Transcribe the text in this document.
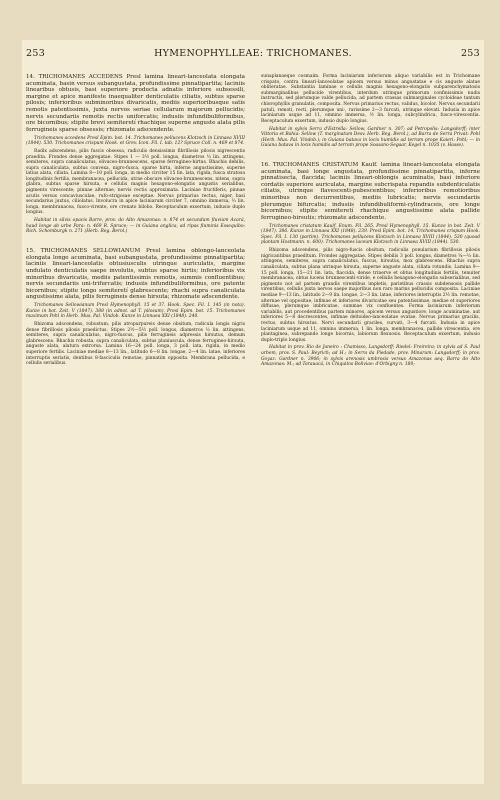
253	HYMENOPHYLLEAE: TRICHOMANES.	253

14. TRICHOMANES ACCEDENS Presl lamina lineari-lanceolata elongata acuminata, basin versus subangustata, profundissime pinnatipartita; laciniis linearibus obtusis, basi superiore producta adnatis inferiore subsessili, margine et apice manifeste inaequaliter denticulatis ciliatis, subtus sparse pilosis; inferioribus subminoribus divaricatis, mediis superioribusque satis remotis patentissimis, juxta nervos seriae cellularum majorum pellucidis; nervis secundariis remotis rectis uniforcatis; indusiis infundibuliformibus, ore bicornibus; stipite brevi semiteretí rhachique superne anguste alata pilis ferrugineis sparse obsessis; rhizomate adscendente.

Trichomanes accedens Presl Epim. bot. 14. Trichomanes pellucens Klotzsch in Linnaea XVIII (1844). 530. Trichomanes crispum Hook. et Grev. Icon. Fil. I. tab. 12? Spruce Coll. n. 469 et 874.

Radix adscendens, pilis fuscis obsessa, radiculis densissimis fibrillosis pilosis nigrescentis praedita. Frondes dense aggregatae. Stipes 1 — 3½ poll. longus, diametros ⅓ lin. attingens, semiteres, supra canaliculatus, olivaceo-brunnescens, sparse ferrugineo-hirtus. Rhachis debilis, supra canaliculata, subtus convexa, nigro-fusca, sparse hirta, inferne angustissime, superne latius alata, ciliata. Lamina 8—10 poll. longa, in medio circiter 15 lin. lata, rigida, fusca stratosa longitudinis fertilis, membranacea, pellucida, utrae obscure olivaceo-brunnescens, nitens, supra glabra, subtus sparse hirsuta, e cellulis magnis hexagono-elongatis angustis serialibus, pigmento virescente; pinnae alternae, nervis rectis approximata. Laciniae fructiferis, pinnae acutis versus concaviusculae, rufo-strigosae exceptae. Nervus primarius rectus, niger, basi secundarius juxtus, ciliolatus. Involucra in apice laciniarum circiter 7, omnino immersa, ⅓ lin. longa, membranacea, fusco-virente, ore crenato bilobo. Receptaculum exsertum, indusio duplo longius.

Habitat in silvis opacis Barre, prov. do Alto Amazonas: n. 874 et secundum fluvium Acará, haud longe ab urbe Para: n. 469 R. Spruce; — in Guiana anglica, ad ripas fluminis Essequibo: Rich. Schomburgk n. 271 (Herb. Reg. Berol.)

15. TRICHOMANES SELLOWIANUM Presl lamina oblongo-lanceolata elongata longe acuminata, basi subangustata, profundissime pinnatipartita; laciniis lineari-lanceolatis obtusiusculis utrinque auriculatis, margine undulato denticulatis saepe involutis, subtus sparse hirtis; inferioribus vix minoribus divaricatis, mediis patentissimis remotis, summis confluentibus; nervis secundariis uni-trifurcatis; indusiis infundibuliformibus, ore patente bicornibus; stipite longo semiteretí glabrescente; rhachi supra canaliculata angustissime alata, pilis ferrugineis dense hirsuta; rhizomate adscendente.

Trichomanes Sellowianum Presl Hymenophyll. 15 et 37. Hook. Spec. Fil. I. 145 (in nota). Kunze in bot. Zeit. V (1847). 388 (in adnot. ad T. pilosum). Presl Epim. bot. 15. Trichomanes maximum Pohl in Herb. Mus. Pal. Vindob. Kunze in Linnaea XXI (1848). 240.

Rhizoma adscendens, robustum, pilis atropurpureis dense obsitum, radicula longis nigris dense fibrillosis pilosis praedictus. Stipes 2½—5½ poll. longus, diametros ⅓ lin. attingens, semiteres, supra canaliculatus, nigro-fuscus, pilis ferrugineis adpressis hirsutus, demum glabrescens. Rhachis robusta, supra canaliculata, subtus planiuscula, dense ferrugineo-hirsuta, anguste alata, alatura extrorsa. Lamina 16—24 poll. longa, 3 poll. lata, rigida, in medio superiore fertilis. Laciniae mediae 8—13 lin., latitudo 6—8 lin. longae, 2—4 lin. latae, inferiores interruptis seriatis, dentibus 8-fasciculis remotae, pinnatim opposita. Membrana pellucida, e cellulis serialibus.

sunaplanaeque cosmaim. Forma laciniarum inferiorum aliquo variabilis est in Trichomane crispato, contra lineari-lanceolatae apicem versus minus angustatae e cis anguste alatae obliteratae. Substantia laminae e cellulis magnis hexagono-elongatis subparenchymatosis submarginalibus pellucide virentibus, interdum utrinque primorum confinissimis nudis instructis, sed plerumque valde pellucida, ad partem crassas submarginales cycloideae tantum chlorophyllis granulatis, composita. Nervus primarius rectus, validus, bicolor. Nervus secundarii patuli, remoti, recti, plerumque uni-, rarissime 2—3 furcati, utrinque elevati. Indusia in apice laciniarum usque ad 11, omnino immersa, ½ lin. longa, subcylindrica, fusco-virescentia. Receptaculum exsertum, indusio duplo longius.

Habitat in sylvis Serra d'Estrella: Sellow, Gardner n. 307; ad Petropolis: Langsdorff; inter Vittoria et Bahia: Sellow (T. marginatum Desv. Herb. Reg. Berol.), ad Barra de Serra Privat: Pohl (Herb. Mus. Pal. Vindob.); in Guiana batava in locis humidis ad terram prope Kaieri: Pohl; — in Guiana batava in locis humidis ad terram prope Soasano-Segaar, Kegel n. 1035 (v. Hasse).

16. TRICHOMANES CRISTATUM Kaulf. lamina lineari-lanceolata elongata acuminata, basi longe angustata, profundissime pinnatipartita, inferne pinnatisecta, flaccida; laciniis lineari-oblongis acuminatis, basi inferiore cordatis superiore auriculata, margine subcrispata repandis subdenticulatis ciliatis, utrinque flavescenti-pubescentibus; inferioribus remotioribus minoribus non decurrentibus, mediis lubricatis; nervis secundariis plerumque bifurcatis; indusiis infundibuliformi-cylindraceis, ore longe bicornibus; stipite semiteretí rhachique angustissime alata pallide ferrugineo-hirsutis; rhizomate adscendente.

Trichomanes cristatum Kaulf. Enum. Fil. 265. Presl Hymenophyll. 15. Kunze in bot. Zeit. V (1847). 386. Kunze in Linnaea XXI (1848). 239. Presl Epim. bot. 14. Trichomanes crispum Hook. Spec. Fil. I. 130 (partim). Trichomanes pellucens Klotzsch in Linnaea XVIII (1844). 530 (quoad plantam Hostmann. n. 600). Trichomanes laceum Klotzsch in Linnaea XVIII (1844). 530.

Rhizoma adscendens, pilis nigro-fuscis obsitum, radiculis ponularium fibrillosis pilosis nigricantibus praeditum. Frondes aggregatae. Stipes debilis 3 poll. longus, diametros ¼—⅓ lin. attingens, semiteres, supra canaliculatus, fuscus, hirsutus, mox glabrescens. Rhachis supra canaliculata, subtus plana utrinque hirsuta, superne anguste alata, ciliata rotundis. Lamina 9—15 poll. longa, 15—21 lin. lata, flaccida, dense trinerve et obtus longitudinis fertilis, tenuiter membranacea, obtus lucens brunnescenti-viride, e cellulis hexagono-elongatis subserialibus, sed pigmento not ad partem grandis virentibus impletis, parietibus crassis subdensosis pallide virentibus, cellulis juxta nervos saepe majoribus non raro marins pellucidis composita. Laciniae mediae 9—13 lin., latitudo 2—9 lin. longae, 2—3 lin. latae, inferiores interruptis 2½ lin. remotae, alternae vel oppositae, infimae et inferiores divaricatae seu patentissimae, mediae et superiores diffusae, plerumque imbricatae, summae vix confluentes. Forma laciniarum inferiorum variabilis, aut procedentibus partem minores, apicem versus angustiore, longe acuminatae, aut inferiores 5—8 decrescentes, infimae deltoideo-lanceolatae ovatae. Nervus primarius gracilis, rectus, subtus hirsutus. Nervi secundarii graciles, curvati, 3—4 furcati. Indusia in apice laciniarum usque ad 11, omnino immersa, 1 lin. longa, membranacea, pallide virescentia, ore plantaginea, subrepando longe bicornis, labiorum flexuosis. Receptaculum exsertum, indusio duplo-triplo longius.

Habitat in prov. Rio de Janeiro : Chamisso, Langsdorff; Riedel: Freireira; in sylvis ad S. Paul urbem, prov. S. Paul: Beyrich; ad H.; in Serra da Piedade, prov. Minarum: Langsdorff; in prov. Goyaz: Gardner n. 3906; in sylvis arenosis umbrosis versus Amazonas aeq. Barra do Alto Amazonas: M.; ad Tarauacá, in Chiquitos Boliviae: d'Orbigny n. 180;
